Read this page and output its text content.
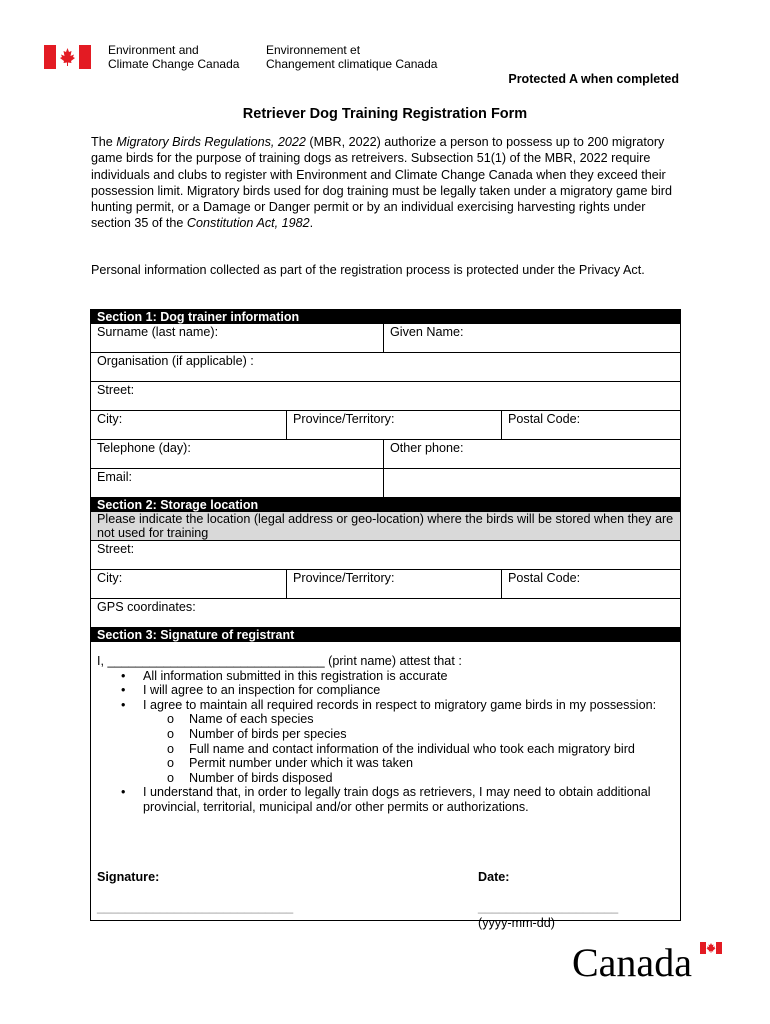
Environment and
Climate Change Canada
Environnement et
Changement climatique Canada
Protected A when completed
Retriever Dog Training Registration Form
The Migratory Birds Regulations, 2022 (MBR, 2022) authorize a person to possess up to 200 migratory game birds for the purpose of training dogs as retreivers. Subsection 51(1) of the MBR, 2022 require individuals and clubs to register with Environment and Climate Change Canada when they exceed their possession limit. Migratory birds used for dog training must be legally taken under a migratory game bird hunting permit, or a Damage or Danger permit or by an individual exercising harvesting rights under section 35 of the Constitution Act, 1982.
Personal information collected as part of the registration process is protected under the Privacy Act.
Section 1: Dog trainer information
Surname (last name):	Given Name:
Organisation (if applicable) :
Street:
City:	Province/Territory:	Postal Code:
Telephone (day):	Other phone:
Email:
Section 2: Storage location
Please indicate the location (legal address or geo-location) where the birds will be stored when they are not used for training
Street:
City:	Province/Territory:	Postal Code:
GPS coordinates:
Section 3: Signature of registrant
I, _______________________________ (print name) attest that :
• All information submitted in this registration is accurate
• I will agree to an inspection for compliance
• I agree to maintain all required records in respect to migratory game birds in my possession:
o Name of each species
o Number of birds per species
o Full name and contact information of the individual who took each migratory bird
o Permit number under which it was taken
o Number of birds disposed
• I understand that, in order to legally train dogs as retrievers, I may need to obtain additional provincial, territorial, municipal and/or other permits or authorizations.
Signature:	Date:
____________________________	____________________
(yyyy-mm-dd)
Canada
